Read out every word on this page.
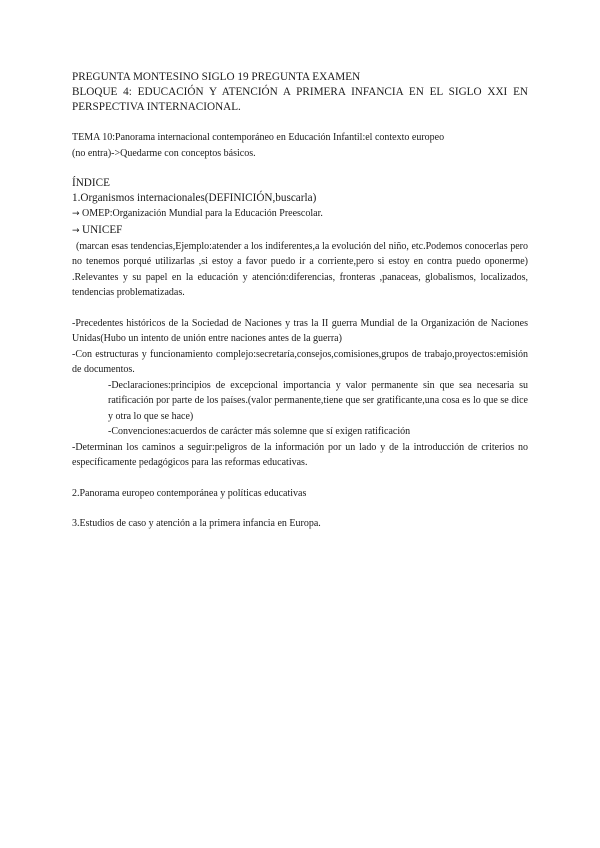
PREGUNTA MONTESINO SIGLO 19 PREGUNTA EXAMEN
BLOQUE 4: EDUCACIÓN Y ATENCIÓN A PRIMERA INFANCIA EN EL SIGLO XXI EN PERSPECTIVA INTERNACIONAL.
TEMA 10:Panorama internacional contemporáneo en Educación Infantil:el contexto europeo
(no entra)->Quedarme con conceptos básicos.
ÍNDICE
1.Organismos internacionales(DEFINICIÓN,buscarla)
→ OMEP:Organización Mundial para la Educación Preescolar.
→ UNICEF
(marcan esas tendencias,Ejemplo:atender a los indiferentes,a la evolución del niño, etc.Podemos conocerlas pero no tenemos porqué utilizarlas ,si estoy a favor puedo ir a corriente,pero si estoy en contra puedo oponerme) .Relevantes y su papel en la educación y atención:diferencias, fronteras ,panaceas, globalismos, localizados, tendencias problematizadas.
-Precedentes históricos de la Sociedad de Naciones y tras la II guerra Mundial de la Organización de Naciones Unidas(Hubo un intento de unión entre naciones antes de la guerra)
-Con estructuras y funcionamiento complejo:secretaría,consejos,comisiones,grupos de trabajo,proyectos:emisión de documentos.
-Declaraciones:principios de excepcional importancia y valor permanente sin que sea necesaria su ratificación por parte de los países.(valor permanente,tiene que ser gratificante,una cosa es lo que se dice y otra lo que se hace)
-Convenciones:acuerdos de carácter más solemne que sí exigen ratificación
-Determinan los caminos a seguir:peligros de la información por un lado y de la introducción de criterios no específicamente pedagógicos para las reformas educativas.
2.Panorama europeo contemporánea y políticas educativas
3.Estudios de caso y atención a la primera infancia en Europa.
